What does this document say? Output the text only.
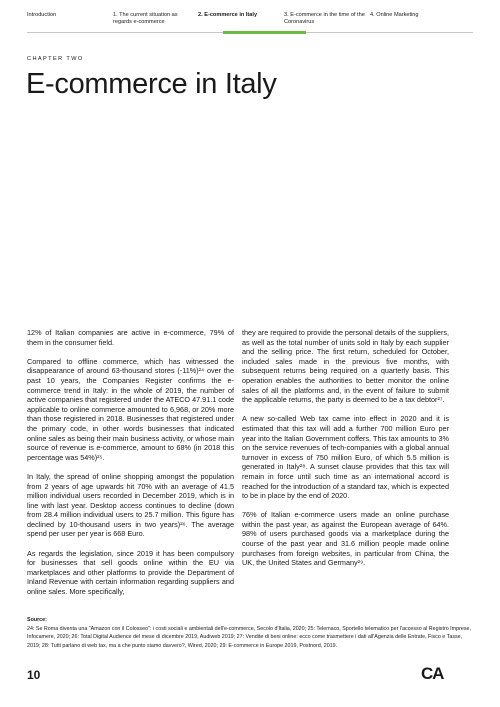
Introduction	1. The current situation as regards e-commerce
2. E-commerce in Italy	3. E-commerce in the time of the Coronavirus
4. Online Marketing
CHAPTER TWO
E-commerce in Italy

12% of Italian companies are active in e-commerce, 79% of them in the consumer field.

Compared to offline commerce, which has witnessed the disappearance of around 63-thousand stores (-11%)²⁴ over the past 10 years, the Companies Register confirms the e-commerce trend in Italy: in the whole of 2019, the number of active companies that registered under the ATECO 47.91.1 code applicable to online commerce amounted to 6,968, or 20% more than those registered in 2018. Businesses that registered under the primary code, in other words businesses that indicated online sales as being their main business activity, or whose main source of revenue is e-commerce, amount to 68% (in 2018 this percentage was 54%)²⁵.

In Italy, the spread of online shopping amongst the population from 2 years of age upwards hit 70% with an average of 41.5 million individual users recorded in December 2019, which is in line with last year. Desktop access continues to decline (down from 28.4 million individual users to 25.7 million. This figure has declined by 10-thousand users in two years)²⁶. The average spend per user per year is 668 Euro.

As regards the legislation, since 2019 it has been compulsory for businesses that sell goods online within the EU via marketplaces and other platforms to provide the Department of Inland Revenue with certain information regarding suppliers and online sales. More specifically,

they are required to provide the personal details of the suppliers, as well as the total number of units sold in Italy by each supplier and the selling price. The first return, scheduled for October, included sales made in the previous five months, with subsequent returns being required on a quarterly basis. This operation enables the authorities to better monitor the online sales of all the platforms and, in the event of failure to submit the applicable returns, the party is deemed to be a tax debtor²⁷.

A new so-called Web tax came into effect in 2020 and it is estimated that this tax will add a further 700 million Euro per year into the Italian Government coffers. This tax amounts to 3% on the service revenues of tech-companies with a global annual turnover in excess of 750 million Euro, of which 5.5 million is generated in Italy²⁸. A sunset clause provides that this tax will remain in force until such time as an international accord is reached for the introduction of a standard tax, which is expected to be in place by the end of 2020.

76% of Italian e-commerce users made an online purchase within the past year, as against the European average of 64%. 98% of users purchased goods via a marketplace during the course of the past year and 31.6 million people made online purchases from foreign websites, in particular from China, the UK, the United States and Germany²⁹.

Source:
24: Se Roma diventa una "Amazon con il Colosseo": i costi sociali e ambientali dell'e-commerce, Secolo d'Italia, 2020; 25: Telemaco, Sportello telematico per l'accesso al Registro Imprese, Infocamere, 2020; 26: Total Digital Audience del mese di dicembre 2019, Audiweb 2019; 27: Vendite di beni online: ecco come trasmettere i dati all'Agenzia delle Entrate, Fisco e Tasse, 2019; 28: Tutti parlano di web tax, ma a che punto siamo davvero?, Wired, 2020; 29: E-commerce in Europe 2019, Postnord, 2019.
10	CA
